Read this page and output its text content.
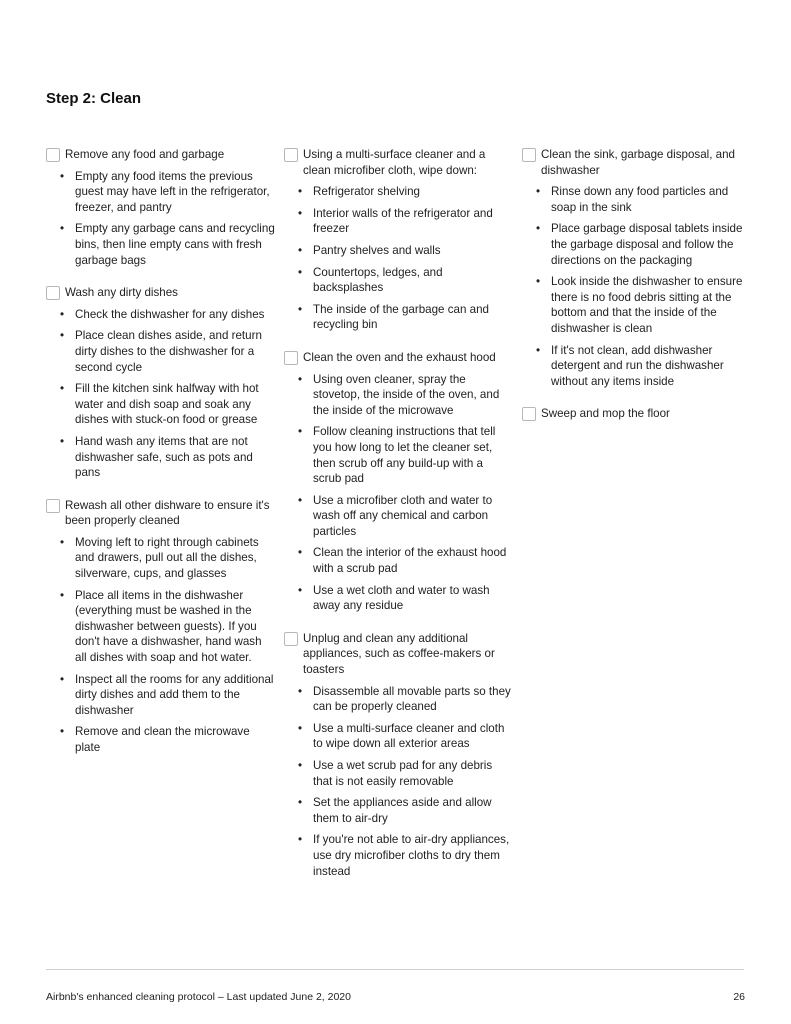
Step 2: Clean
Remove any food and garbage
• Empty any food items the previous guest may have left in the refrigerator, freezer, and pantry
• Empty any garbage cans and recycling bins, then line empty cans with fresh garbage bags
Wash any dirty dishes
• Check the dishwasher for any dishes
• Place clean dishes aside, and return dirty dishes to the dishwasher for a second cycle
• Fill the kitchen sink halfway with hot water and dish soap and soak any dishes with stuck-on food or grease
• Hand wash any items that are not dishwasher safe, such as pots and pans
Rewash all other dishware to ensure it's been properly cleaned
• Moving left to right through cabinets and drawers, pull out all the dishes, silverware, cups, and glasses
• Place all items in the dishwasher (everything must be washed in the dishwasher between guests). If you don't have a dishwasher, hand wash all dishes with soap and hot water.
• Inspect all the rooms for any additional dirty dishes and add them to the dishwasher
• Remove and clean the microwave plate
Using a multi-surface cleaner and a clean microfiber cloth, wipe down:
• Refrigerator shelving
• Interior walls of the refrigerator and freezer
• Pantry shelves and walls
• Countertops, ledges, and backsplashes
• The inside of the garbage can and recycling bin
Clean the oven and the exhaust hood
• Using oven cleaner, spray the stovetop, the inside of the oven, and the inside of the microwave
• Follow cleaning instructions that tell you how long to let the cleaner set, then scrub off any build-up with a scrub pad
• Use a microfiber cloth and water to wash off any chemical and carbon particles
• Clean the interior of the exhaust hood with a scrub pad
• Use a wet cloth and water to wash away any residue
Unplug and clean any additional appliances, such as coffee-makers or toasters
• Disassemble all movable parts so they can be properly cleaned
• Use a multi-surface cleaner and cloth to wipe down all exterior areas
• Use a wet scrub pad for any debris that is not easily removable
• Set the appliances aside and allow them to air-dry
• If you're not able to air-dry appliances, use dry microfiber cloths to dry them instead
Clean the sink, garbage disposal, and dishwasher
• Rinse down any food particles and soap in the sink
• Place garbage disposal tablets inside the garbage disposal and follow the directions on the packaging
• Look inside the dishwasher to ensure there is no food debris sitting at the bottom and that the inside of the dishwasher is clean
• If it's not clean, add dishwasher detergent and run the dishwasher without any items inside
Sweep and mop the floor
Airbnb's enhanced cleaning protocol – Last updated June 2, 2020	26
